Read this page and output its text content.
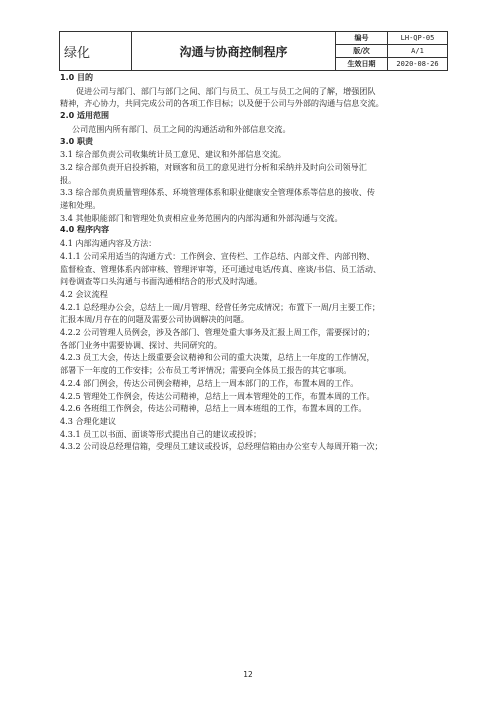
绿化	沟通与协商控制程序	编号	LH-QP-05
		版/次	A/1
		生效日期	2020-08-26

1.0 目的

促进公司与部门、部门与部门之间、部门与员工、员工与员工之间的了解，增强团队

精神，齐心协力，共同完成公司的各项工作目标；以及便于公司与外部的沟通与信息交流。

2.0 适用范围

公司范围内所有部门、员工之间的沟通活动和外部信息交流。

3.0 职责

3.1 综合部负责公司收集统计员工意见、建议和外部信息交流。

3.2 综合部负责开启投拆箱，对顾客和员工的意见进行分析和采纳并及时向公司领导汇

报。

3.3 综合部负责质量管理体系、环境管理体系和职业健康安全管理体系等信息的接收、传

递和处理。

3.4 其他职能部门和管理处负责相应业务范围内的内部沟通和外部沟通与交流。

4.0 程序内容

4.1 内部沟通内容及方法：

4.1.1 公司采用适当的沟通方式：工作例会、宣传栏、工作总结、内部文件、内部刊物、

监督检查、管理体系内部审核、管理评审等，还可通过电话/传真、座谈/书信、员工活动、

问卷调查等口头沟通与书面沟通相结合的形式及时沟通。

4.2 会议流程

4.2.1 总经理办公会，总结上一周/月管理、经营任务完成情况；布置下一周/月主要工作；

汇报本周/月存在的问题及需要公司协调解决的问题。

4.2.2 公司管理人员例会，涉及各部门、管理处重大事务及汇报上周工作，需要探讨的；

各部门业务中需要协调、探讨、共同研究的。

4.2.3 员工大会，传达上级重要会议精神和公司的重大决策，总结上一年度的工作情况，

部署下一年度的工作安排；公布员工考评情况；需要向全体员工报告的其它事项。

4.2.4 部门例会，传达公司例会精神，总结上一周本部门的工作，布置本周的工作。

4.2.5 管理处工作例会，传达公司精神，总结上一周本管理处的工作，布置本周的工作。

4.2.6 各班组工作例会，传达公司精神，总结上一周本班组的工作，布置本周的工作。

4.3 合理化建议

4.3.1 员工以书面、面谈等形式提出自己的建议或投诉；

4.3.2 公司设总经理信箱，受理员工建议或投诉，总经理信箱由办公室专人每周开箱一次；

12
